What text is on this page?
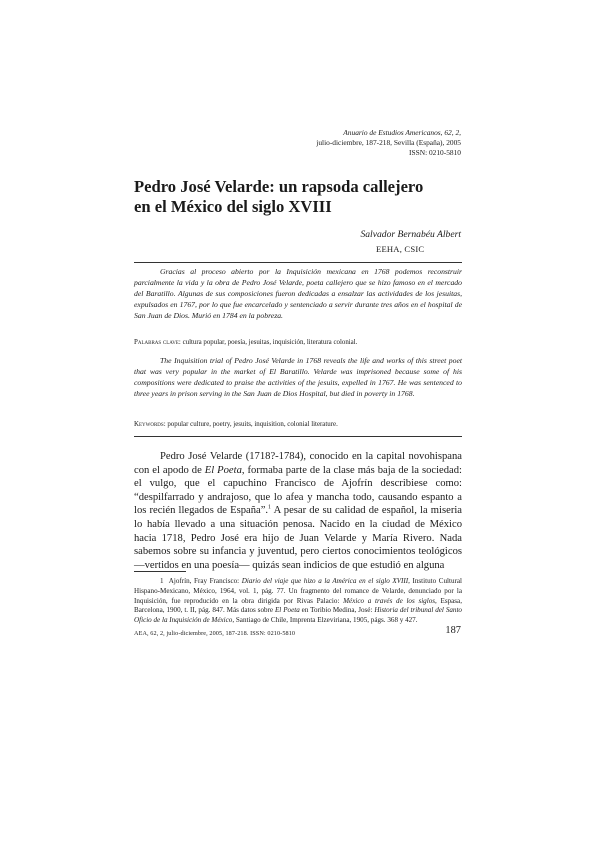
Anuario de Estudios Americanos, 62, 2,
julio-diciembre, 187-218, Sevilla (España), 2005
ISSN: 0210-5810
Pedro José Velarde: un rapsoda callejero
en el México del siglo XVIII
Salvador Bernabéu Albert
EEHA, CSIC

Gracias al proceso abierto por la Inquisición mexicana en 1768 podemos reconstruir parcialmente la vida y la obra de Pedro José Velarde, poeta callejero que se hizo famoso en el mercado del Baratillo. Algunas de sus composiciones fueron dedicadas a ensalzar las actividades de los jesuitas, expulsados en 1767, por lo que fue encarcelado y sentenciado a servir durante tres años en el hospital de San Juan de Dios. Murió en 1784 en la pobreza.

Palabras clave: cultura popular, poesía, jesuitas, inquisición, literatura colonial.

The Inquisition trial of Pedro José Velarde in 1768 reveals the life and works of this street poet that was very popular in the market of El Baratillo. Velarde was imprisoned because some of his compositions were dedicated to praise the activities of the jesuits, expelled in 1767. He was sentenced to three years in prison serving in the San Juan de Dios Hospital, but died in poverty in 1768.

Keywords: popular culture, poetry, jesuits, inquisition, colonial literature.

Pedro José Velarde (1718?-1784), conocido en la capital novohispana con el apodo de El Poeta, formaba parte de la clase más baja de la sociedad: el vulgo, que el capuchino Francisco de Ajofrín describiese como: “despilfarrado y andrajoso, que lo afea y mancha todo, causando espanto a los recién llegados de España”.$^1$ A pesar de su calidad de español, la miseria lo había llevado a una situación penosa. Nacido en la ciudad de México hacia 1718, Pedro José era hijo de Juan Velarde y María Rivero. Nada sabemos sobre su infancia y juventud, pero ciertos conocimientos teológicos —vertidos en una poesía— quizás sean indicios de que estudió en alguna

1 Ajofrín, Fray Francisco: Diario del viaje que hizo a la América en el siglo XVIII, Instituto Cultural Hispano-Mexicano, México, 1964, vol. 1, pág. 77. Un fragmento del romance de Velarde, denunciado por la Inquisición, fue reproducido en la obra dirigida por Rivas Palacio: México a través de los siglos, Espasa, Barcelona, 1900, t. II, pág. 847. Más datos sobre El Poeta en Toribio Medina, José: Historia del tribunal del Santo Oficio de la Inquisición de México, Santiago de Chile, Imprenta Elzeviriana, 1905, págs. 368 y 427.

AEA, 62, 2, julio-diciembre, 2005, 187-218. ISSN: 0210-5810	187
